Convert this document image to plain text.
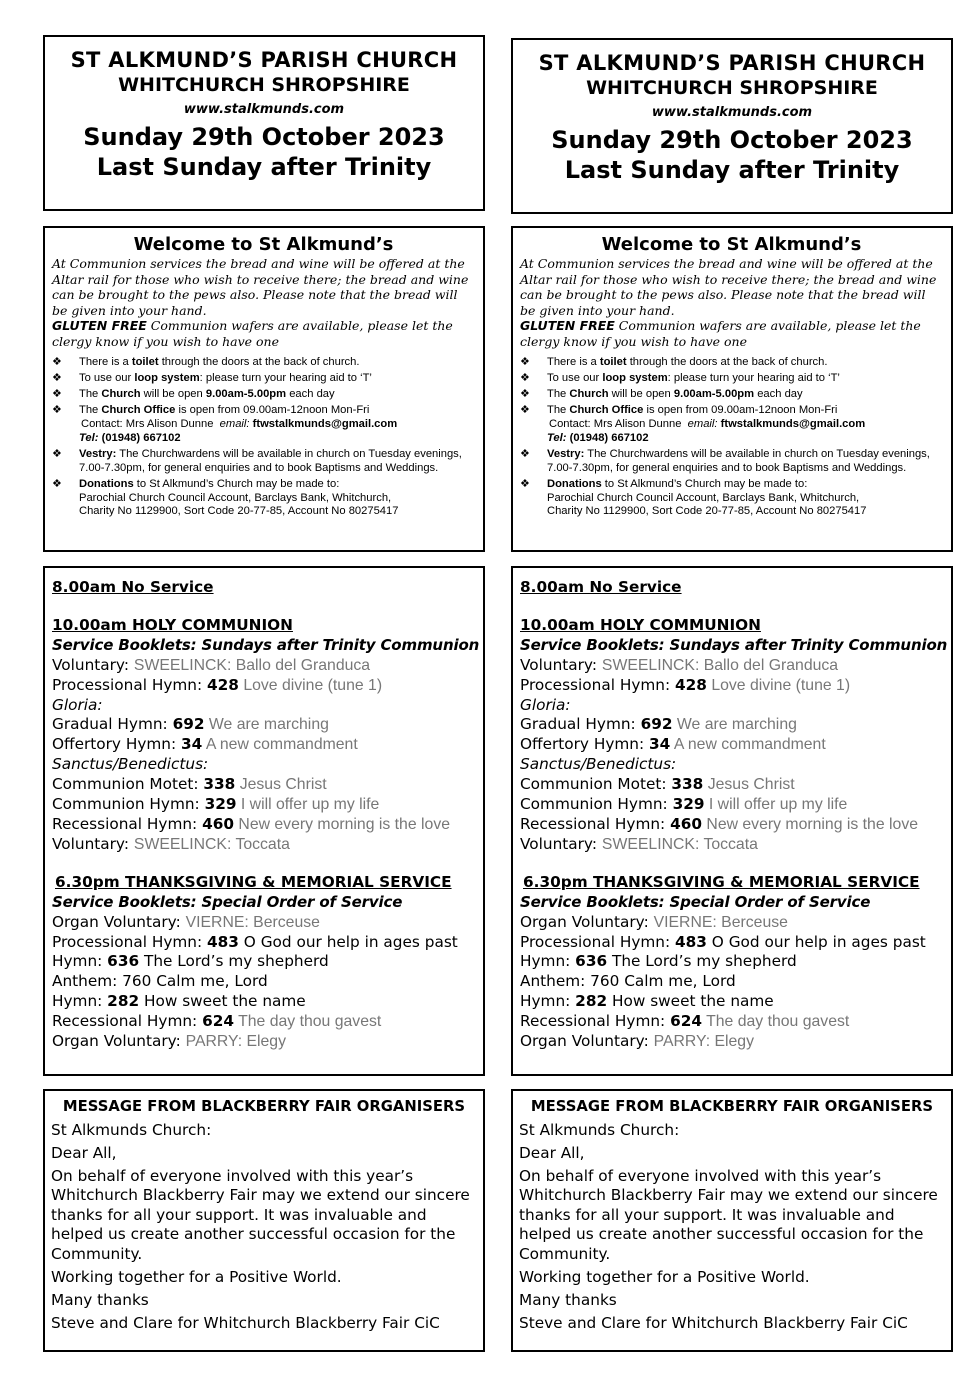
ST ALKMUND’S PARISH CHURCH
WHITCHURCH SHROPSHIRE
www.stalkmunds.com
Sunday 29th October 2023
Last Sunday after Trinity
Welcome to St Alkmund’s
At Communion services the bread and wine will be offered at the Altar rail for those who wish to receive there; the bread and wine can be brought to the pews also. Please note that the bread will be given into your hand.
GLUTEN FREE Communion wafers are available, please let the clergy know if you wish to have one
❖ There is a toilet through the doors at the back of church.
❖ To use our loop system: please turn your hearing aid to ‘T’
❖ The Church will be open 9.00am-5.00pm each day
❖ The Church Office is open from 09.00am-12noon Mon-Fri
Contact: Mrs Alison Dunne email: ftwstalkmunds@gmail.com
Tel: (01948) 667102
❖ Vestry: The Churchwardens will be available in church on Tuesday evenings, 7.00-7.30pm, for general enquiries and to book Baptisms and Weddings.
❖ Donations to St Alkmund’s Church may be made to:
Parochial Church Council Account, Barclays Bank, Whitchurch,
Charity No 1129900, Sort Code 20-77-85, Account No 80275417
8.00am No Service
10.00am HOLY COMMUNION
Service Booklets: Sundays after Trinity Communion
Voluntary: SWEELINCK: Ballo del Granduca
Processional Hymn: 428 Love divine (tune 1)
Gloria:
Gradual Hymn: 692 We are marching
Offertory Hymn: 34 A new commandment
Sanctus/Benedictus:
Communion Motet: 338 Jesus Christ
Communion Hymn: 329 I will offer up my life
Recessional Hymn: 460 New every morning is the love
Voluntary: SWEELINCK: Toccata
6.30pm THANKSGIVING & MEMORIAL SERVICE
Service Booklets: Special Order of Service
Organ Voluntary: VIERNE: Berceuse
Processional Hymn: 483 O God our help in ages past
Hymn: 636 The Lord’s my shepherd
Anthem: 760 Calm me, Lord
Hymn: 282 How sweet the name
Recessional Hymn: 624 The day thou gavest
Organ Voluntary: PARRY: Elegy
MESSAGE FROM BLACKBERRY FAIR ORGANISERS

St Alkmunds Church:

Dear All,

On behalf of everyone involved with this year’s Whitchurch Blackberry Fair may we extend our sincere thanks for all your support. It was invaluable and helped us create another successful occasion for the Community.

Working together for a Positive World.

Many thanks

Steve and Clare for Whitchurch Blackberry Fair CiC

ST ALKMUND’S PARISH CHURCH
WHITCHURCH SHROPSHIRE
www.stalkmunds.com
Sunday 29th October 2023
Last Sunday after Trinity
Welcome to St Alkmund’s
At Communion services the bread and wine will be offered at the Altar rail for those who wish to receive there; the bread and wine can be brought to the pews also. Please note that the bread will be given into your hand.
GLUTEN FREE Communion wafers are available, please let the clergy know if you wish to have one
❖ There is a toilet through the doors at the back of church.
❖ To use our loop system: please turn your hearing aid to ‘T’
❖ The Church will be open 9.00am-5.00pm each day
❖ The Church Office is open from 09.00am-12noon Mon-Fri
Contact: Mrs Alison Dunne email: ftwstalkmunds@gmail.com
Tel: (01948) 667102
❖ Vestry: The Churchwardens will be available in church on Tuesday evenings, 7.00-7.30pm, for general enquiries and to book Baptisms and Weddings.
❖ Donations to St Alkmund’s Church may be made to:
Parochial Church Council Account, Barclays Bank, Whitchurch,
Charity No 1129900, Sort Code 20-77-85, Account No 80275417
8.00am No Service
10.00am HOLY COMMUNION
Service Booklets: Sundays after Trinity Communion
Voluntary: SWEELINCK: Ballo del Granduca
Processional Hymn: 428 Love divine (tune 1)
Gloria:
Gradual Hymn: 692 We are marching
Offertory Hymn: 34 A new commandment
Sanctus/Benedictus:
Communion Motet: 338 Jesus Christ
Communion Hymn: 329 I will offer up my life
Recessional Hymn: 460 New every morning is the love
Voluntary: SWEELINCK: Toccata
6.30pm THANKSGIVING & MEMORIAL SERVICE
Service Booklets: Special Order of Service
Organ Voluntary: VIERNE: Berceuse
Processional Hymn: 483 O God our help in ages past
Hymn: 636 The Lord’s my shepherd
Anthem: 760 Calm me, Lord
Hymn: 282 How sweet the name
Recessional Hymn: 624 The day thou gavest
Organ Voluntary: PARRY: Elegy
MESSAGE FROM BLACKBERRY FAIR ORGANISERS

St Alkmunds Church:

Dear All,

On behalf of everyone involved with this year’s Whitchurch Blackberry Fair may we extend our sincere thanks for all your support. It was invaluable and helped us create another successful occasion for the Community.

Working together for a Positive World.

Many thanks

Steve and Clare for Whitchurch Blackberry Fair CiC
